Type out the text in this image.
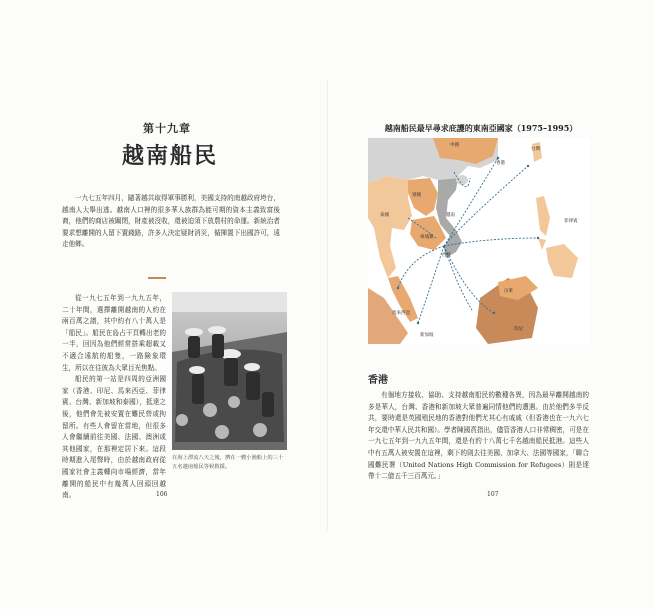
第十九章
越南船民
一九七五年四月，隨著越共取得軍事勝利，美國支持的南越政府垮台，越南人大舉出逃。越南人口裡的很多華人族群為能可期的資本主義致富後裔，他們的商店被關閉，財產被沒收，還被迫須下放農村的命運。新統治者要求想離開的人留下置錢路，許多人決定疑財消災，循揮置下出國許可，遠走他鄉。

從一九七五年到一九九五年，二十年間，選擇離開越南的人約在兩百萬之譜，其中約有八十萬人是「船民」。船民在島占干頁轉出老的一半，回因為他們經常搭乘超載又不適合遠航的船隻，一路險象環生，所以在往彼為大眾目光焦點。

船民的第一站是四周的亞洲國家（香港、印尼、馬來西亞、菲律賓、台灣、新加坡和泰國），抵達之後，他們會先被安置在難民營或拘留所。有些人會留在當地，但很多人會繼續前往美國、法國、澳洲或其他國家，在那裡定居下來。這段時期進入尾聲時，由於越南政府從國家社會主義轉向市場經濟，當年離開的船民中有幾萬人回頭回越南。

在海上漂流八天之後，擠在一艘小漁船上的三十五名越南船民等候救援。
106
越南船民最早尋求庇護的東南亞國家（1975–1995）
中國
香港
台灣
寮國
泰國	越南
柬埔寨
西貢
菲律賓
馬來西亞
新加坡
汶萊
印尼
香港
有個地方接收、協助、支持越南船民的數種各異，因為最早離開越南的多是華人，台灣、香港和新加坡大眾普遍同情他們的遭遇。由於他們多半反共，要時還是英國殖民地的香港對他們尤其心有戚戚（但香港也在一九六七年交還中華人民共和國）。學者陳國賁指出，儘管香港人口非常稠密，可是在一九七五年到一九九五年間，還是有約十八萬七千名越南船民抵港。這些人中有五萬人被安置在這裡，剩下的則去往美國、加拿大、法國等國家，「聯合國難民署（United Nations High Commission for Refugees）則是達帶十二億五千三百萬元。」
107
